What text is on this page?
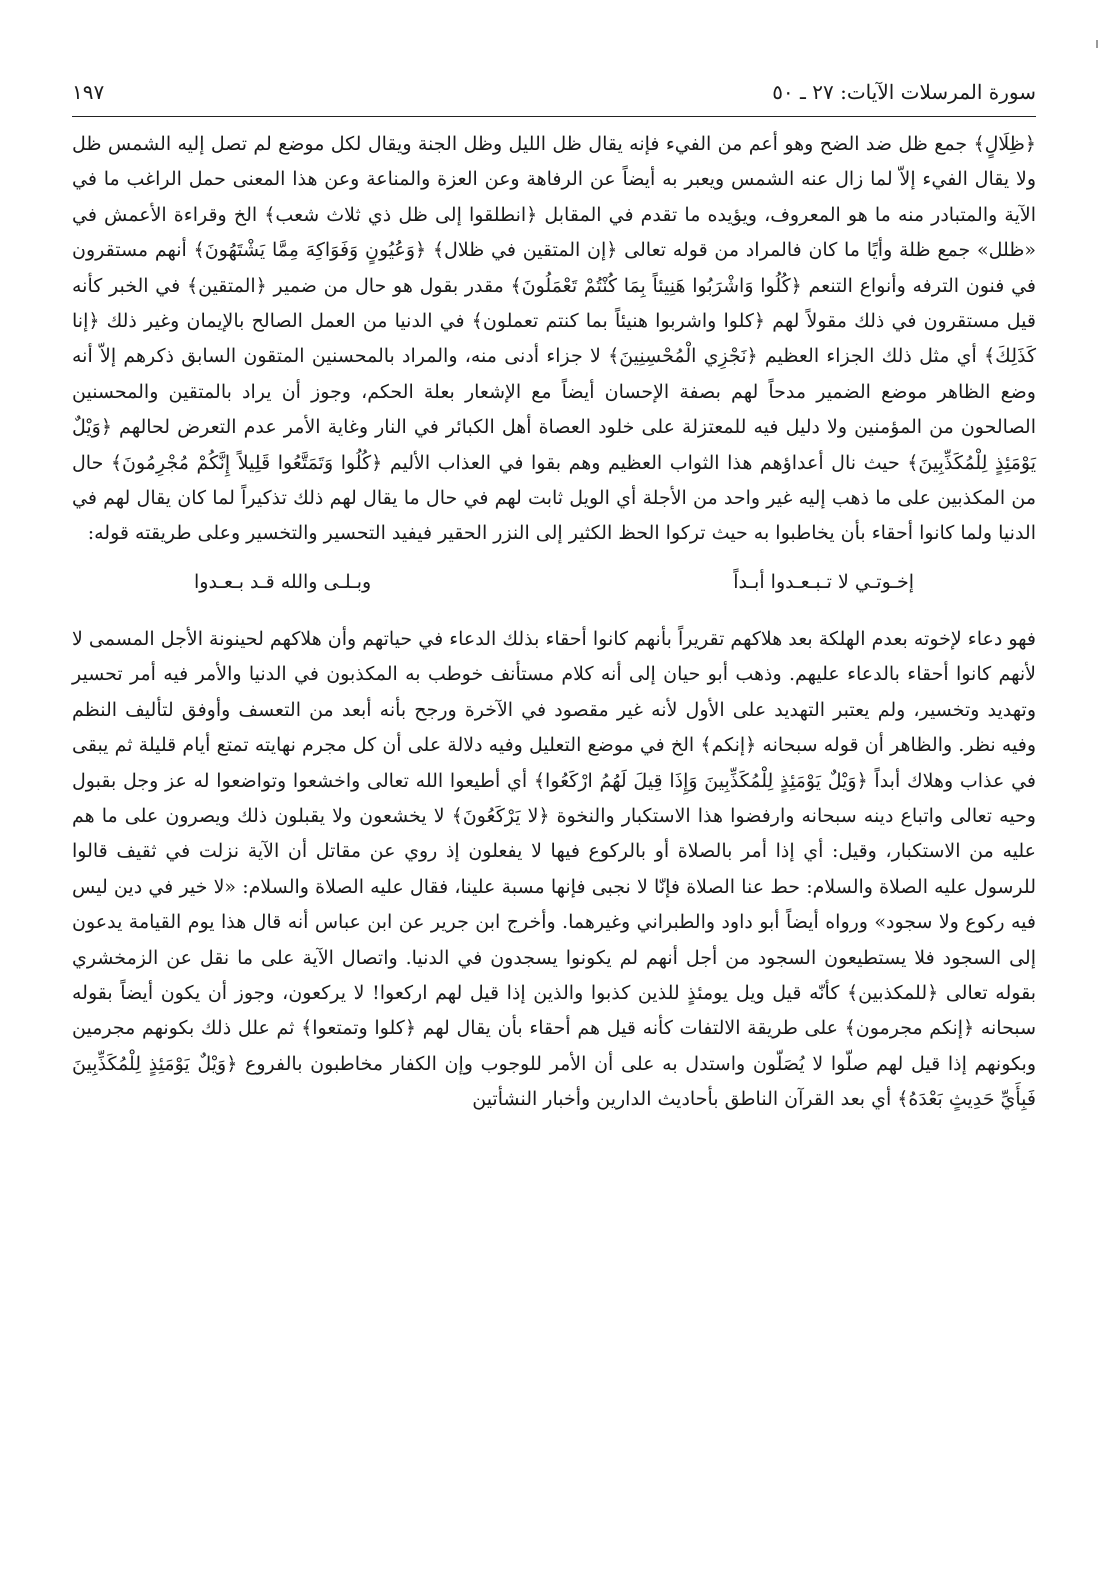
سورة المرسلات الآيات: ٢٧ ـ ٥٠
١٩٧

﴿ظِلَالٍ﴾ جمع ظل ضد الضح وهو أعم من الفيء فإنه يقال ظل الليل وظل الجنة ويقال لكل موضع لم تصل إليه الشمس ظل ولا يقال الفيء إلاّ لما زال عنه الشمس ويعبر به أيضاً عن الرفاهة وعن العزة والمناعة وعن هذا المعنى حمل الراغب ما في الآية والمتبادر منه ما هو المعروف، ويؤيده ما تقدم في المقابل ﴿انطلقوا إلى ظل ذي ثلاث شعب﴾ الخ وقراءة الأعمش في «ظلل» جمع ظلة وأيًا ما كان فالمراد من قوله تعالى ﴿إن المتقين في ظلال﴾ ﴿وَعُيُونٍ وَفَوَاكِهَ مِمَّا يَشْتَهُونَ﴾ أنهم مستقرون في فنون الترفه وأنواع التنعم ﴿كُلُوا وَاشْرَبُوا هَنِيئاً بِمَا كُنْتُمْ تَعْمَلُونَ﴾ مقدر بقول هو حال من ضمير ﴿المتقين﴾ في الخبر كأنه قيل مستقرون في ذلك مقولاً لهم ﴿كلوا واشربوا هنيئاً بما كنتم تعملون﴾ في الدنيا من العمل الصالح بالإيمان وغير ذلك ﴿إنا كَذَلِكَ﴾ أي مثل ذلك الجزاء العظيم ﴿نَجْزِي الْمُحْسِنِينَ﴾ لا جزاء أدنى منه، والمراد بالمحسنين المتقون السابق ذكرهم إلاّ أنه وضع الظاهر موضع الضمير مدحاً لهم بصفة الإحسان أيضاً مع الإشعار بعلة الحكم، وجوز أن يراد بالمتقين والمحسنين الصالحون من المؤمنين ولا دليل فيه للمعتزلة على خلود العصاة أهل الكبائر في النار وغاية الأمر عدم التعرض لحالهم ﴿وَيْلٌ يَوْمَئِذٍ لِلْمُكَذِّبِينَ﴾ حيث نال أعداؤهم هذا الثواب العظيم وهم بقوا في العذاب الأليم ﴿كُلُوا وَتَمَتَّعُوا قَلِيلاً إِنَّكُمْ مُجْرِمُونَ﴾ حال من المكذبين على ما ذهب إليه غير واحد من الأجلة أي الويل ثابت لهم في حال ما يقال لهم ذلك تذكيراً لما كان يقال لهم في الدنيا ولما كانوا أحقاء بأن يخاطبوا به حيث تركوا الحظ الكثير إلى النزر الحقير فيفيد التحسير والتخسير وعلى طريقته قوله:

إخـوتـي لا تـبـعـدوا أبـداً
وبـلـى والله قـد بـعـدوا

فهو دعاء لإخوته بعدم الهلكة بعد هلاكهم تقريراً بأنهم كانوا أحقاء بذلك الدعاء في حياتهم وأن هلاكهم لحينونة الأجل المسمى لا لأنهم كانوا أحقاء بالدعاء عليهم. وذهب أبو حيان إلى أنه كلام مستأنف خوطب به المكذبون في الدنيا والأمر فيه أمر تحسير وتهديد وتخسير، ولم يعتبر التهديد على الأول لأنه غير مقصود في الآخرة ورجح بأنه أبعد من التعسف وأوفق لتأليف النظم وفيه نظر. والظاهر أن قوله سبحانه ﴿إنكم﴾ الخ في موضع التعليل وفيه دلالة على أن كل مجرم نهايته تمتع أيام قليلة ثم يبقى في عذاب وهلاك أبداً ﴿وَيْلٌ يَوْمَئِذٍ لِلْمُكَذِّبِينَ وَإِذَا قِيلَ لَهُمُ ارْكَعُوا﴾ أي أطيعوا الله تعالى واخشعوا وتواضعوا له عز وجل بقبول وحيه تعالى واتباع دينه سبحانه وارفضوا هذا الاستكبار والنخوة ﴿لا يَرْكَعُونَ﴾ لا يخشعون ولا يقبلون ذلك ويصرون على ما هم عليه من الاستكبار، وقيل: أي إذا أمر بالصلاة أو بالركوع فيها لا يفعلون إذ روي عن مقاتل أن الآية نزلت في ثقيف قالوا للرسول عليه الصلاة والسلام: حط عنا الصلاة فإنّا لا نجبى فإنها مسبة علينا، فقال عليه الصلاة والسلام: «لا خير في دين ليس فيه ركوع ولا سجود» ورواه أيضاً أبو داود والطبراني وغيرهما. وأخرج ابن جرير عن ابن عباس أنه قال هذا يوم القيامة يدعون إلى السجود فلا يستطيعون السجود من أجل أنهم لم يكونوا يسجدون في الدنيا. واتصال الآية على ما نقل عن الزمخشري بقوله تعالى ﴿للمكذبين﴾ كأنّه قيل ويل يومئذٍ للذين كذبوا والذين إذا قيل لهم اركعوا! لا يركعون، وجوز أن يكون أيضاً بقوله سبحانه ﴿إنكم مجرمون﴾ على طريقة الالتفات كأنه قيل هم أحقاء بأن يقال لهم ﴿كلوا وتمتعوا﴾ ثم علل ذلك بكونهم مجرمين وبكونهم إذا قيل لهم صلّوا لا يُصَلّون واستدل به على أن الأمر للوجوب وإن الكفار مخاطبون بالفروع ﴿وَيْلٌ يَوْمَئِذٍ لِلْمُكَذِّبِينَ فَبِأَيِّ حَدِيثٍ بَعْدَهُ﴾ أي بعد القرآن الناطق بأحاديث الدارين وأخبار النشأتين
